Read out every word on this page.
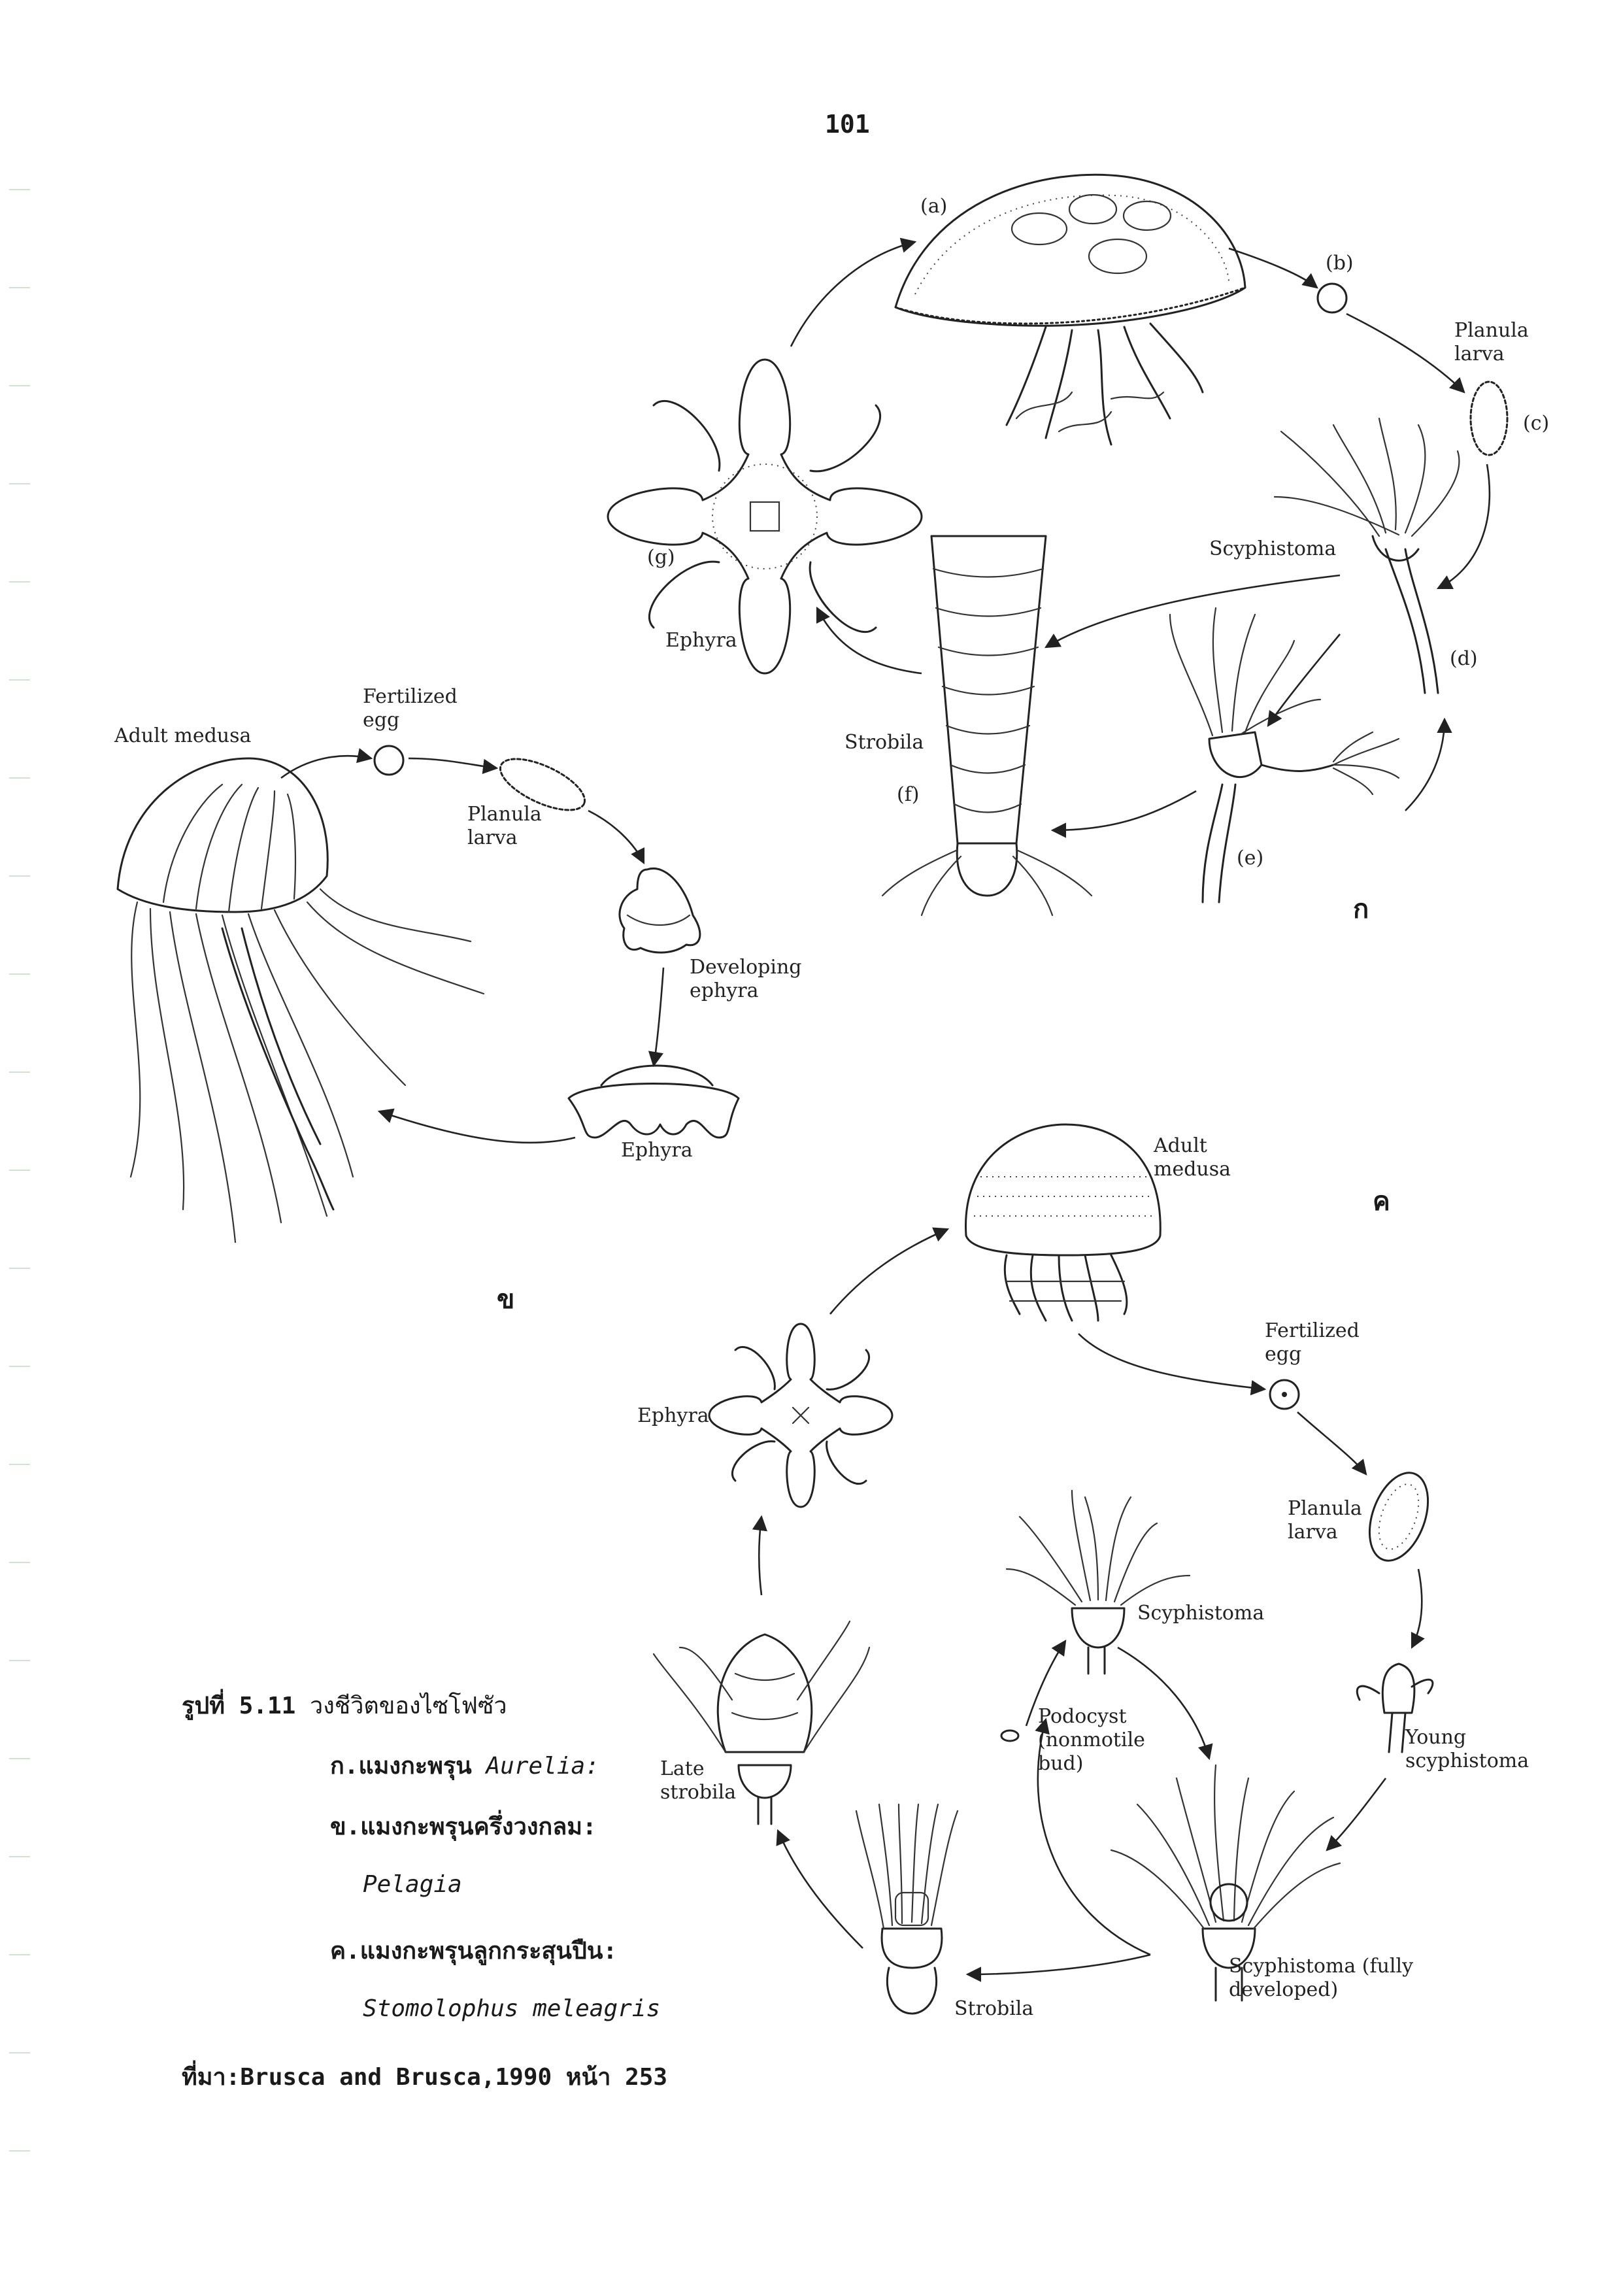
101
ก
ข
ค
(a)
(b)
Planula larva
(c)
Scyphistoma
(d)
(e)
Strobila
(f)
(g)
Ephyra
Adult medusa
Fertilized egg
Planula larva
Developing ephyra
Ephyra	Adult medusa
Fertilized egg
Planula larva
Young scyphistoma
Scyphistoma (fully developed)
Strobila
Late strobila
Ephyra
Scyphistoma
Podocyst (nonmotile bud)
รูปที่ 5.11 วงชีวิตของไซโฟซัว
ก.แมงกะพรุน Aurelia:
ข.แมงกะพรุนครึ่งวงกลม:
Pelagia
ค.แมงกะพรุนลูกกระสุนปืน:
Stomolophus meleagris
ที่มา:Brusca and Brusca,1990 หน้า 253
